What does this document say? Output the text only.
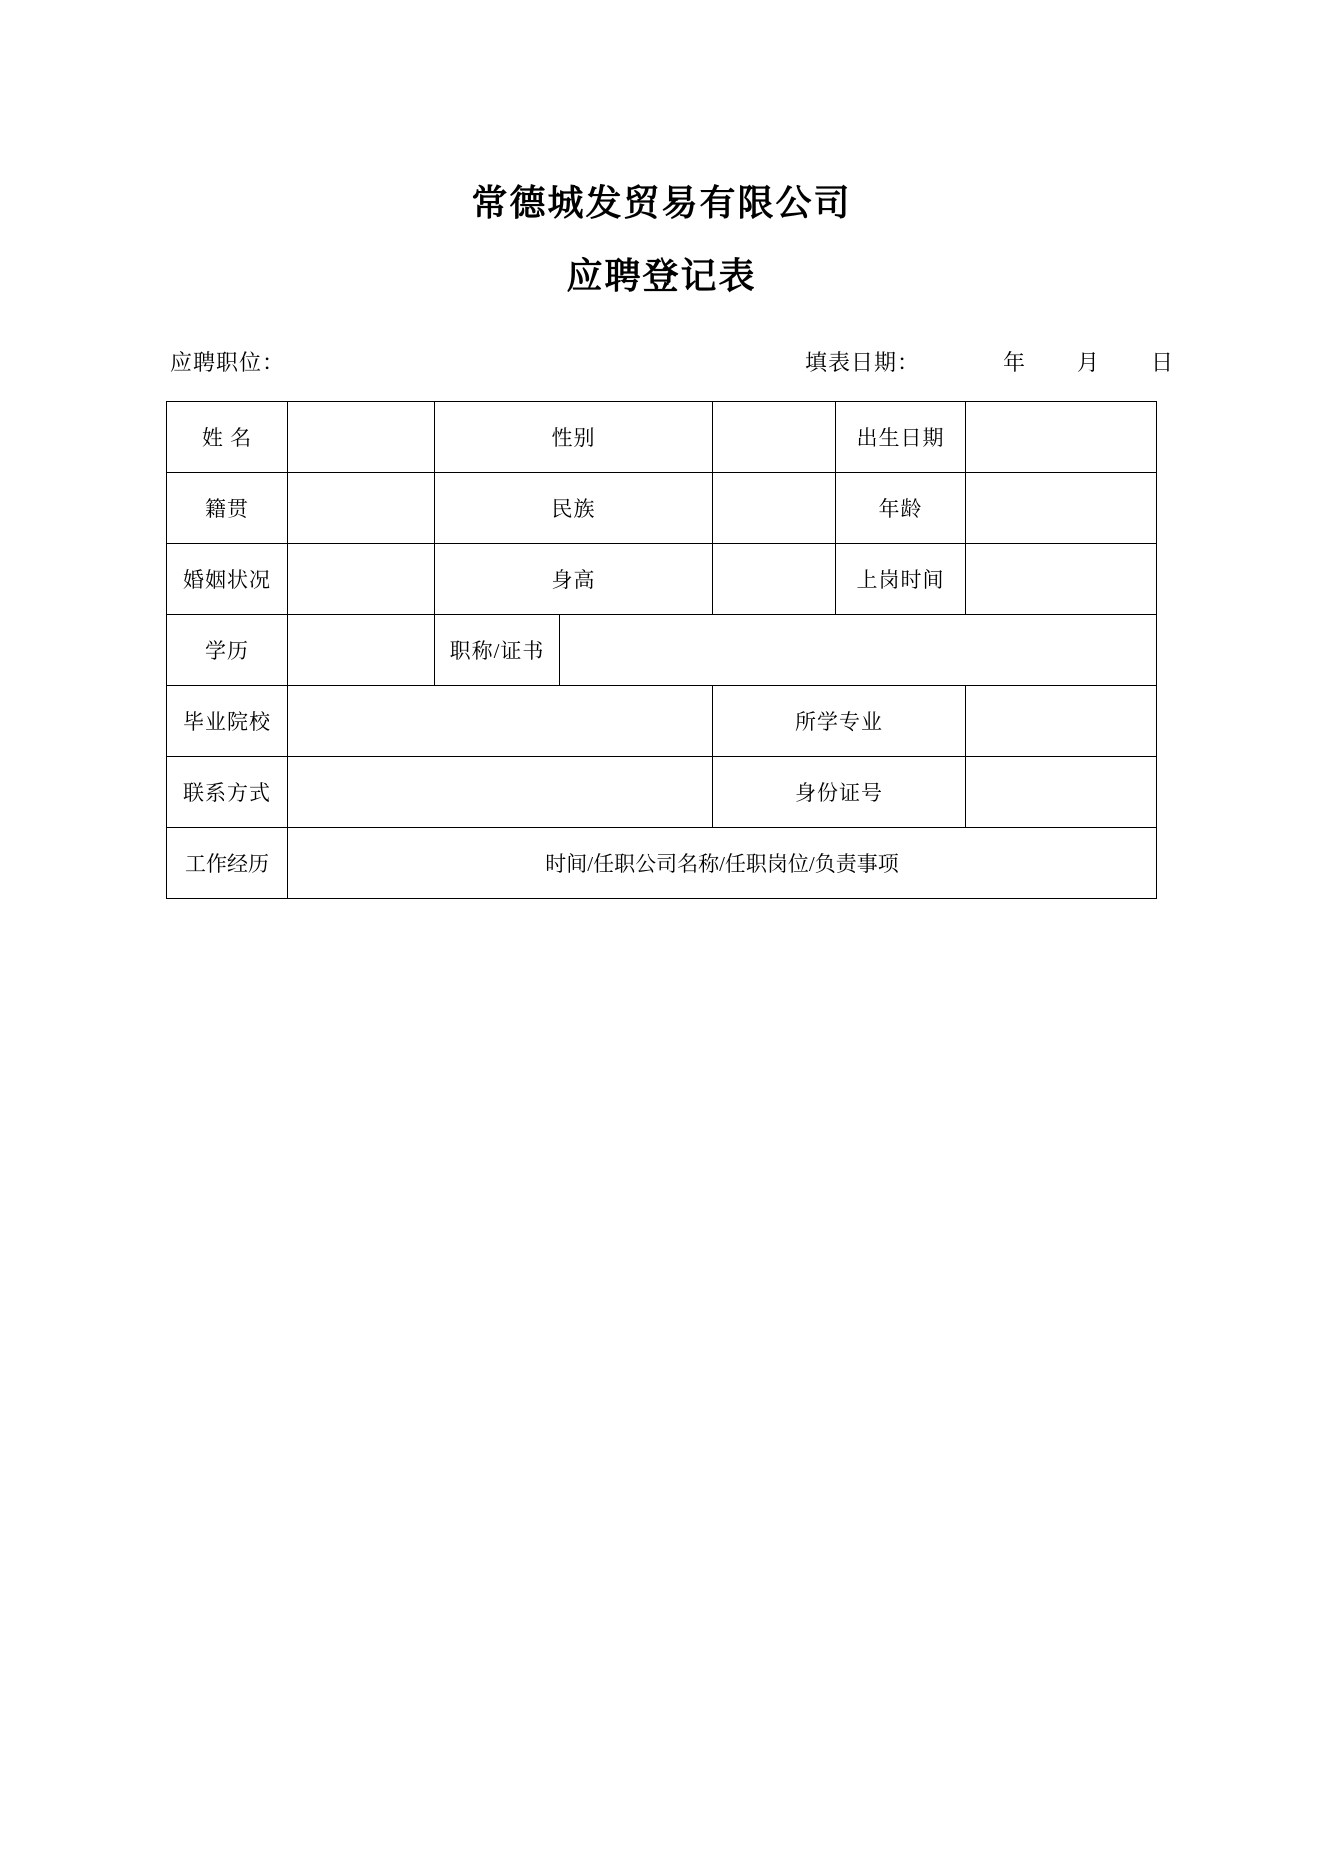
常德城发贸易有限公司
应聘登记表
应聘职位：	填表日期：	年	月	日
姓 名		性别			出生日期	
籍贯		民族			年龄	
婚姻状况		身高			上岗时间	
学历		职称/证书				
毕业院校				所学专业		
联系方式				身份证号		
工作经历	时间/任职公司名称/任职岗位/负责事项					
